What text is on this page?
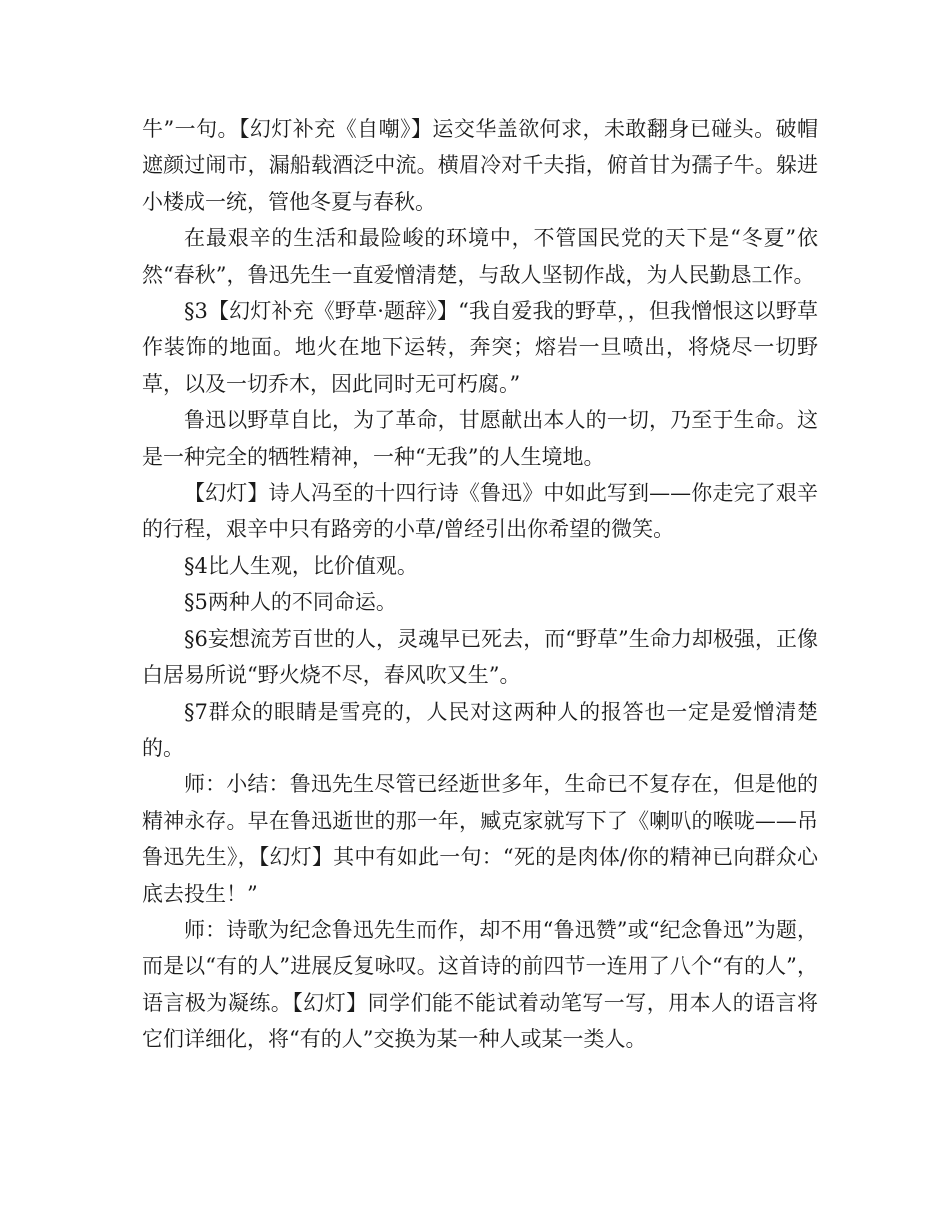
牛”一句。【幻灯补充《自嘲》】运交华盖欲何求，未敢翻身已碰头。破帽遮颜过闹市，漏船载酒泛中流。横眉冷对千夫指，俯首甘为孺子牛。躲进小楼成一统，管他冬夏与春秋。

在最艰辛的生活和最险峻的环境中，不管国民党的天下是“冬夏”依然“春秋”，鲁迅先生一直爱憎清楚，与敌人坚韧作战，为人民勤恳工作。

§3【幻灯补充《野草·题辞》】“我自爱我的野草，，但我憎恨这以野草作装饰的地面。地火在地下运转，奔突；熔岩一旦喷出，将烧尽一切野草，以及一切乔木，因此同时无可朽腐。”

鲁迅以野草自比，为了革命，甘愿献出本人的一切，乃至于生命。这是一种完全的牺牲精神，一种“无我”的人生境地。

【幻灯】诗人冯至的十四行诗《鲁迅》中如此写到——你走完了艰辛的行程，艰辛中只有路旁的小草/曾经引出你希望的微笑。

§4比人生观，比价值观。

§5两种人的不同命运。

§6妄想流芳百世的人，灵魂早已死去，而“野草”生命力却极强，正像白居易所说“野火烧不尽，春风吹又生”。

§7群众的眼睛是雪亮的，人民对这两种人的报答也一定是爱憎清楚的。

师：小结：鲁迅先生尽管已经逝世多年，生命已不复存在，但是他的精神永存。早在鲁迅逝世的那一年，臧克家就写下了《喇叭的喉咙——吊鲁迅先生》，【幻灯】其中有如此一句：“死的是肉体/你的精神已向群众心底去投生！”

师：诗歌为纪念鲁迅先生而作，却不用“鲁迅赞”或“纪念鲁迅”为题，而是以“有的人”进展反复咏叹。这首诗的前四节一连用了八个“有的人”，语言极为凝练。【幻灯】同学们能不能试着动笔写一写，用本人的语言将它们详细化，将“有的人”交换为某一种人或某一类人。
